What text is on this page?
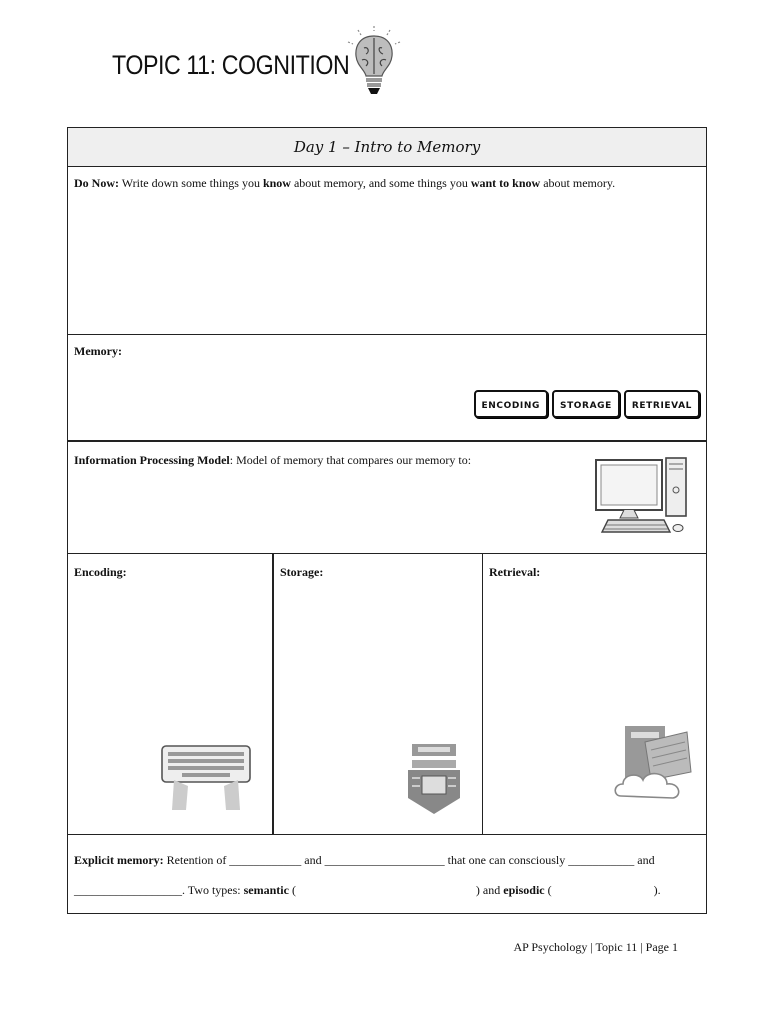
TOPIC 11: COGNITION
Day 1 – Intro to Memory
Do Now: Write down some things you know about memory, and some things you want to know about memory.
Memory:
ENCODING	STORAGE	RETRIEVAL
Information Processing Model: Model of memory that compares our memory to:
Encoding:	Storage:	Retrieval:
Explicit memory: Retention of ____________ and ____________________ that one can consciously ___________ and
__________________. Two types: semantic (                                                            ) and episodic (                                  ).
AP Psychology | Topic 11 | Page 1
